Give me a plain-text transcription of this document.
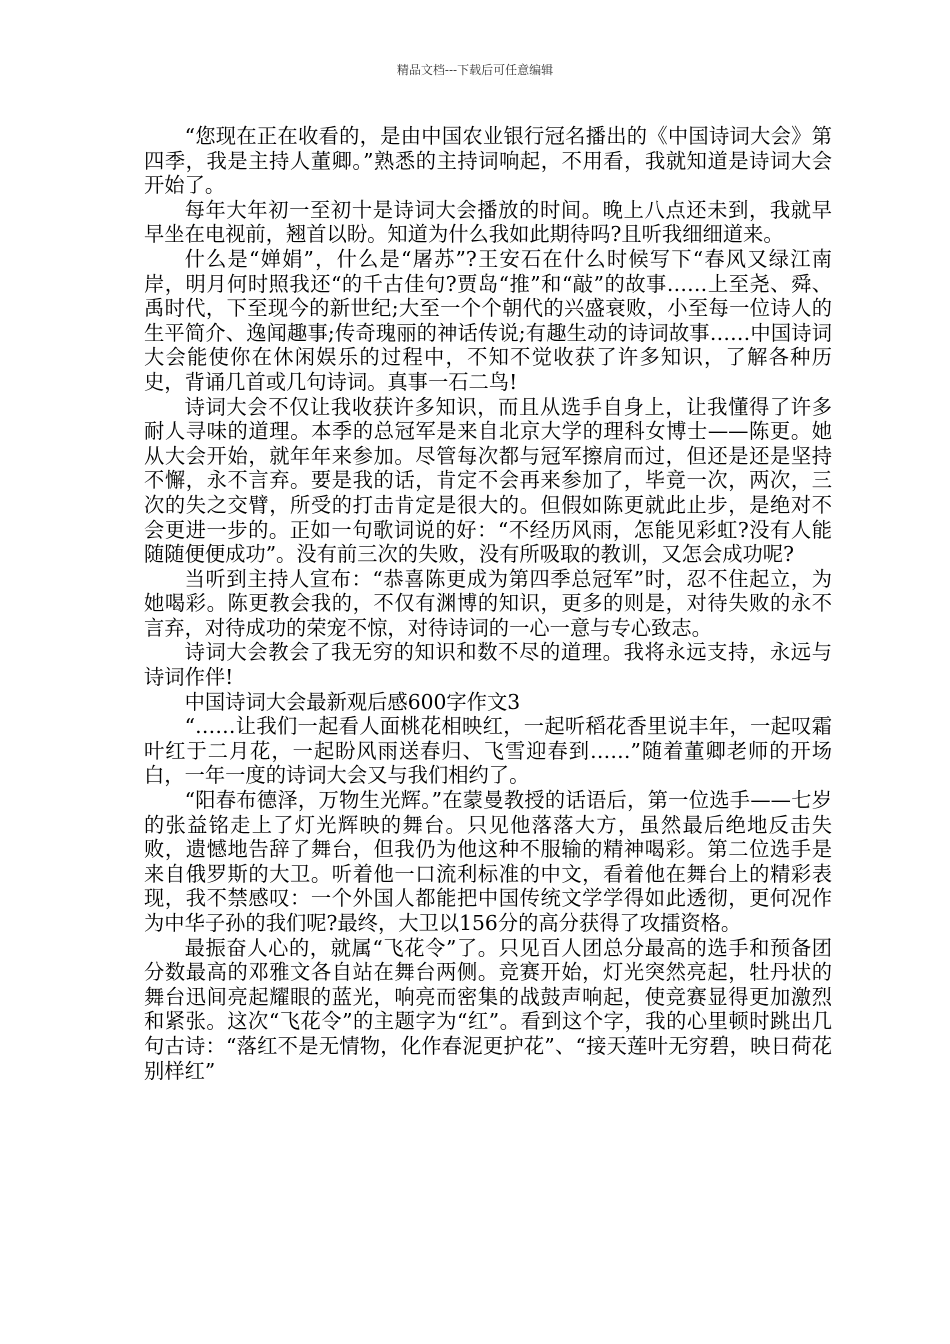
精品文档---下载后可任意编辑

“您现在正在收看的，是由中国农业银行冠名播出的《中国诗词大会》第四季，我是主持人董卿。”熟悉的主持词响起，不用看，我就知道是诗词大会开始了。

每年大年初一至初十是诗词大会播放的时间。晚上八点还未到，我就早早坐在电视前，翘首以盼。知道为什么我如此期待吗?且听我细细道来。

什么是“婵娟”，什么是“屠苏”?王安石在什么时候写下“春风又绿江南岸，明月何时照我还“的千古佳句?贾岛“推”和“敲”的故事……上至尧、舜、禹时代，下至现今的新世纪;大至一个个朝代的兴盛衰败，小至每一位诗人的生平简介、逸闻趣事;传奇瑰丽的神话传说;有趣生动的诗词故事……中国诗词大会能使你在休闲娱乐的过程中，不知不觉收获了许多知识，了解各种历史，背诵几首或几句诗词。真事一石二鸟!

诗词大会不仅让我收获许多知识，而且从选手自身上，让我懂得了许多耐人寻味的道理。本季的总冠军是来自北京大学的理科女博士——陈更。她从大会开始，就年年来参加。尽管每次都与冠军擦肩而过，但还是还是坚持不懈，永不言弃。要是我的话，肯定不会再来参加了，毕竟一次，两次，三次的失之交臂，所受的打击肯定是很大的。但假如陈更就此止步，是绝对不会更进一步的。正如一句歌词说的好：“不经历风雨，怎能见彩虹?没有人能随随便便成功”。没有前三次的失败，没有所吸取的教训，又怎会成功呢?

当听到主持人宣布：“恭喜陈更成为第四季总冠军”时，忍不住起立，为她喝彩。陈更教会我的，不仅有渊博的知识，更多的则是，对待失败的永不言弃，对待成功的荣宠不惊，对待诗词的一心一意与专心致志。

诗词大会教会了我无穷的知识和数不尽的道理。我将永远支持，永远与诗词作伴!

中国诗词大会最新观后感600字作文3

“……让我们一起看人面桃花相映红，一起听稻花香里说丰年，一起叹霜叶红于二月花，一起盼风雨送春归、飞雪迎春到……”随着董卿老师的开场白，一年一度的诗词大会又与我们相约了。

“阳春布德泽，万物生光辉。”在蒙曼教授的话语后，第一位选手——七岁的张益铭走上了灯光辉映的舞台。只见他落落大方，虽然最后绝地反击失败，遗憾地告辞了舞台，但我仍为他这种不服输的精神喝彩。第二位选手是来自俄罗斯的大卫。听着他一口流利标准的中文，看着他在舞台上的精彩表现，我不禁感叹：一个外国人都能把中国传统文学学得如此透彻，更何况作为中华子孙的我们呢?最终，大卫以156分的高分获得了攻擂资格。

最振奋人心的，就属“飞花令”了。只见百人团总分最高的选手和预备团分数最高的邓雅文各自站在舞台两侧。竞赛开始，灯光突然亮起，牡丹状的舞台迅间亮起耀眼的蓝光，响亮而密集的战鼓声响起，使竞赛显得更加激烈和紧张。这次“飞花令”的主题字为“红”。看到这个字，我的心里顿时跳出几句古诗：“落红不是无情物，化作春泥更护花”、“接天莲叶无穷碧，映日荷花别样红”
